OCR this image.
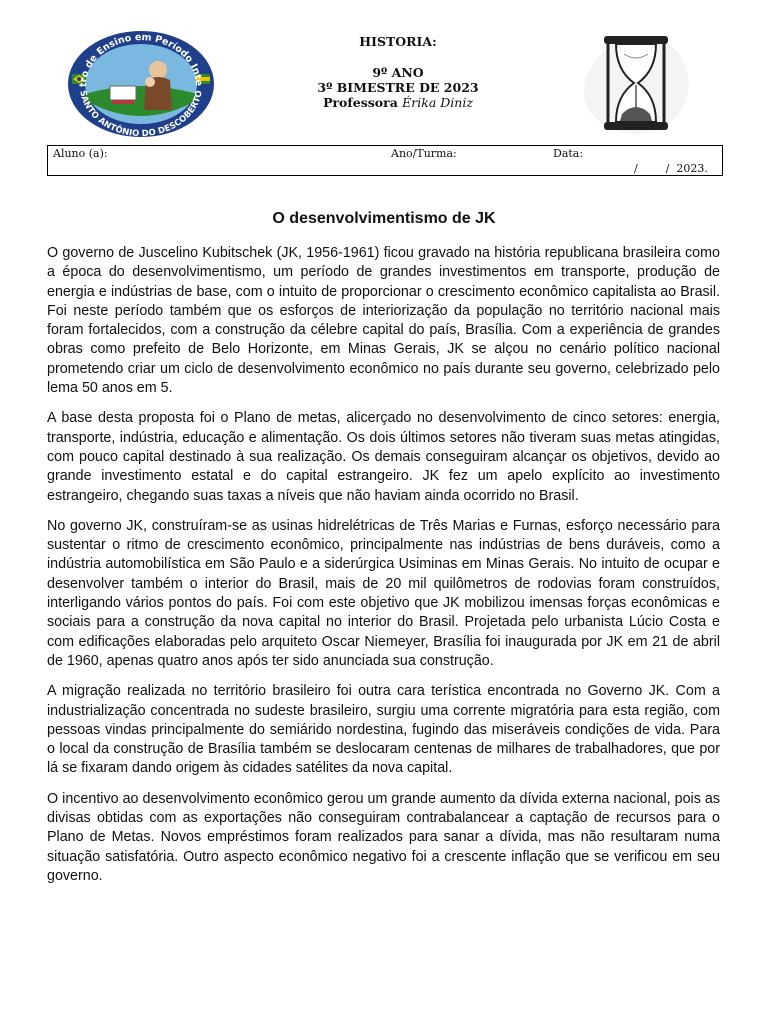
tro de Ensino em Período Inte
SANTO ANTÔNIO DO DESCOBERTO
HISTORIA:
9º ANO
3º BIMESTRE DE 2023
Professora Érika Diniz
Aluno (a):	Ano/Turma:	Data:
/        /  2023.
O desenvolvimentismo de JK

O governo de Juscelino Kubitschek (JK, 1956-1961) ficou gravado na história republicana brasileira como a época do desenvolvimentismo, um período de grandes investimentos em transporte, produção de energia e indústrias de base, com o intuito de proporcionar o crescimento econômico capitalista ao Brasil. Foi neste período também que os esforços de interiorização da população no território nacional mais foram fortalecidos, com a construção da célebre capital do país, Brasília. Com a experiência de grandes obras como prefeito de Belo Horizonte, em Minas Gerais, JK se alçou no cenário político nacional prometendo criar um ciclo de desenvolvimento econômico no país durante seu governo, celebrizado pelo lema 50 anos em 5.

A base desta proposta foi o Plano de metas, alicerçado no desenvolvimento de cinco setores: energia, transporte, indústria, educação e alimentação. Os dois últimos setores não tiveram suas metas atingidas, com pouco capital destinado à sua realização. Os demais conseguiram alcançar os objetivos, devido ao grande investimento estatal e do capital estrangeiro. JK fez um apelo explícito ao investimento estrangeiro, chegando suas taxas a níveis que não haviam ainda ocorrido no Brasil.

No governo JK, construíram-se as usinas hidrelétricas de Três Marias e Furnas, esforço necessário para sustentar o ritmo de crescimento econômico, principalmente nas indústrias de bens duráveis, como a indústria automobilística em São Paulo e a siderúrgica Usiminas em Minas Gerais. No intuito de ocupar e desenvolver também o interior do Brasil, mais de 20 mil quilômetros de rodovias foram construídos, interligando vários pontos do país. Foi com este objetivo que JK mobilizou imensas forças econômicas e sociais para a construção da nova capital no interior do Brasil. Projetada pelo urbanista Lúcio Costa e com edificações elaboradas pelo arquiteto Oscar Niemeyer, Brasília foi inaugurada por JK em 21 de abril de 1960, apenas quatro anos após ter sido anunciada sua construção.

A migração realizada no território brasileiro foi outra cara terística encontrada no Governo JK. Com a industrialização concentrada no sudeste brasileiro, surgiu uma corrente migratória para esta região, com pessoas vindas principalmente do semiárido nordestina, fugindo das miseráveis condições de vida. Para o local da construção de Brasília também se deslocaram centenas de milhares de trabalhadores, que por lá se fixaram dando origem às cidades satélites da nova capital.

O incentivo ao desenvolvimento econômico gerou um grande aumento da dívida externa nacional, pois as divisas obtidas com as exportações não conseguiram contrabalancear a captação de recursos para o Plano de Metas. Novos empréstimos foram realizados para sanar a dívida, mas não resultaram numa situação satisfatória. Outro aspecto econômico negativo foi a crescente inflação que se verificou em seu governo.
